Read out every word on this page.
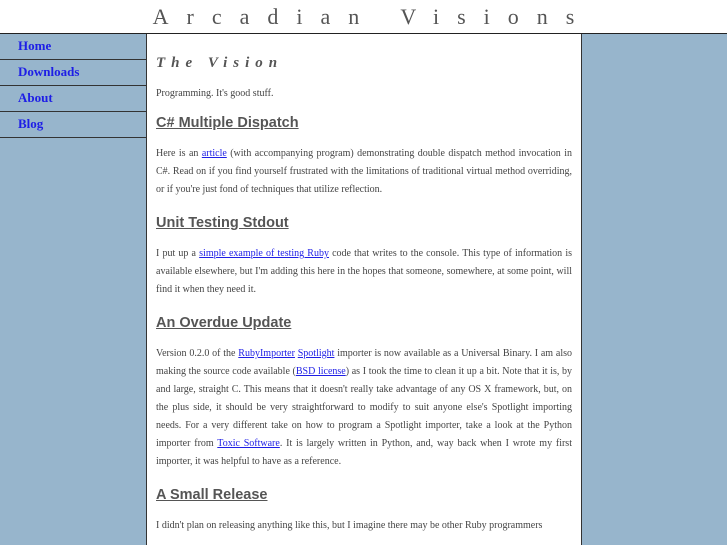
Arcadian Visions
Home
Downloads
About
Blog
The Vision
Programming. It's good stuff.
C# Multiple Dispatch

Here is an article (with accompanying program) demonstrating double dispatch method invocation in C#. Read on if you find yourself frustrated with the limitations of traditional virtual method overriding, or if you're just fond of techniques that utilize reflection.

Unit Testing Stdout

I put up a simple example of testing Ruby code that writes to the console. This type of information is available elsewhere, but I'm adding this here in the hopes that someone, somewhere, at some point, will find it when they need it.

An Overdue Update

Version 0.2.0 of the RubyImporter Spotlight importer is now available as a Universal Binary. I am also making the source code available (BSD license) as I took the time to clean it up a bit. Note that it is, by and large, straight C. This means that it doesn't really take advantage of any OS X framework, but, on the plus side, it should be very straightforward to modify to suit anyone else's Spotlight importing needs. For a very different take on how to program a Spotlight importer, take a look at the Python importer from Toxic Software. It is largely written in Python, and, way back when I wrote my first importer, it was helpful to have as a reference.

A Small Release

I didn't plan on releasing anything like this, but I imagine there may be other Ruby programmers
